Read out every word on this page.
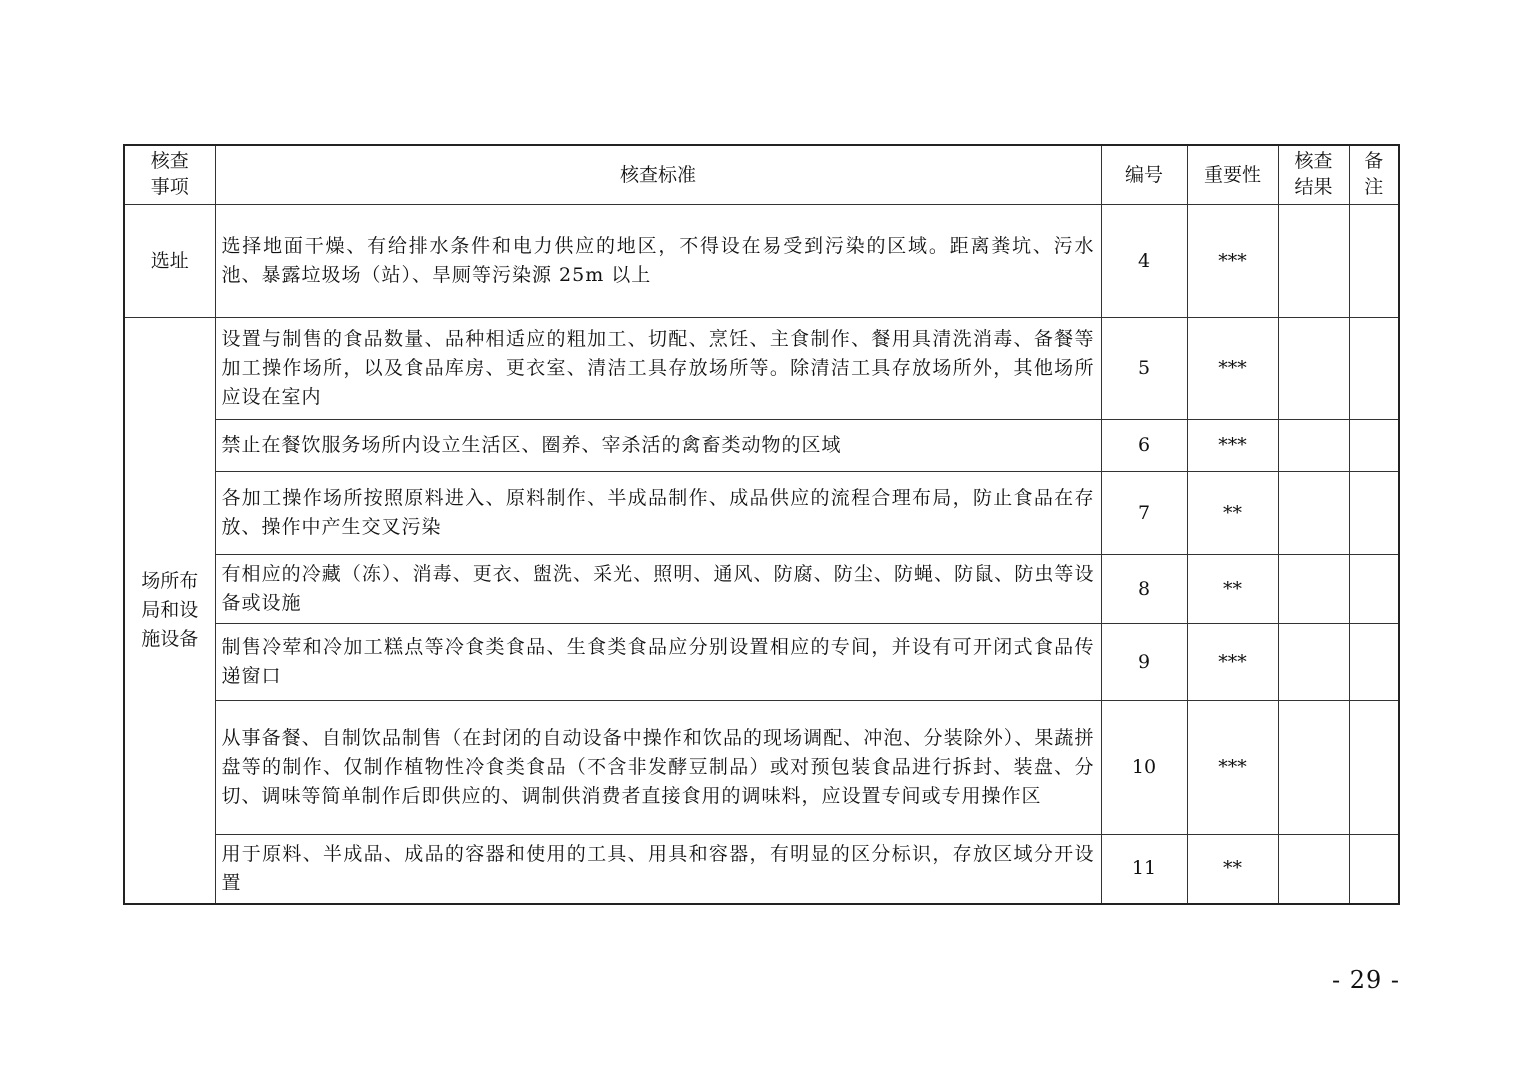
核查事项	核查标准	编号	重要性	核查结果	备注
选址	选择地面干燥、有给排水条件和电力供应的地区，不得设在易受到污染的区域。距离粪坑、污水池、暴露垃圾场（站）、旱厕等污染源 25m 以上	4	***		
场所布局和设施设备	设置与制售的食品数量、品种相适应的粗加工、切配、烹饪、主食制作、餐用具清洗消毒、备餐等加工操作场所，以及食品库房、更衣室、清洁工具存放场所等。除清洁工具存放场所外，其他场所应设在室内	5	***		
	禁止在餐饮服务场所内设立生活区、圈养、宰杀活的禽畜类动物的区域	6	***		
	各加工操作场所按照原料进入、原料制作、半成品制作、成品供应的流程合理布局，防止食品在存放、操作中产生交叉污染	7	**		
	有相应的冷藏（冻）、消毒、更衣、盥洗、采光、照明、通风、防腐、防尘、防蝇、防鼠、防虫等设备或设施	8	**		
	制售冷荤和冷加工糕点等冷食类食品、生食类食品应分别设置相应的专间，并设有可开闭式食品传递窗口	9	***		
	从事备餐、自制饮品制售（在封闭的自动设备中操作和饮品的现场调配、冲泡、分装除外）、果蔬拼盘等的制作、仅制作植物性冷食类食品（不含非发酵豆制品）或对预包装食品进行拆封、装盘、分切、调味等简单制作后即供应的、调制供消费者直接食用的调味料，应设置专间或专用操作区	10	***		
	用于原料、半成品、成品的容器和使用的工具、用具和容器，有明显的区分标识，存放区域分开设置	11	**		
- 29 -
